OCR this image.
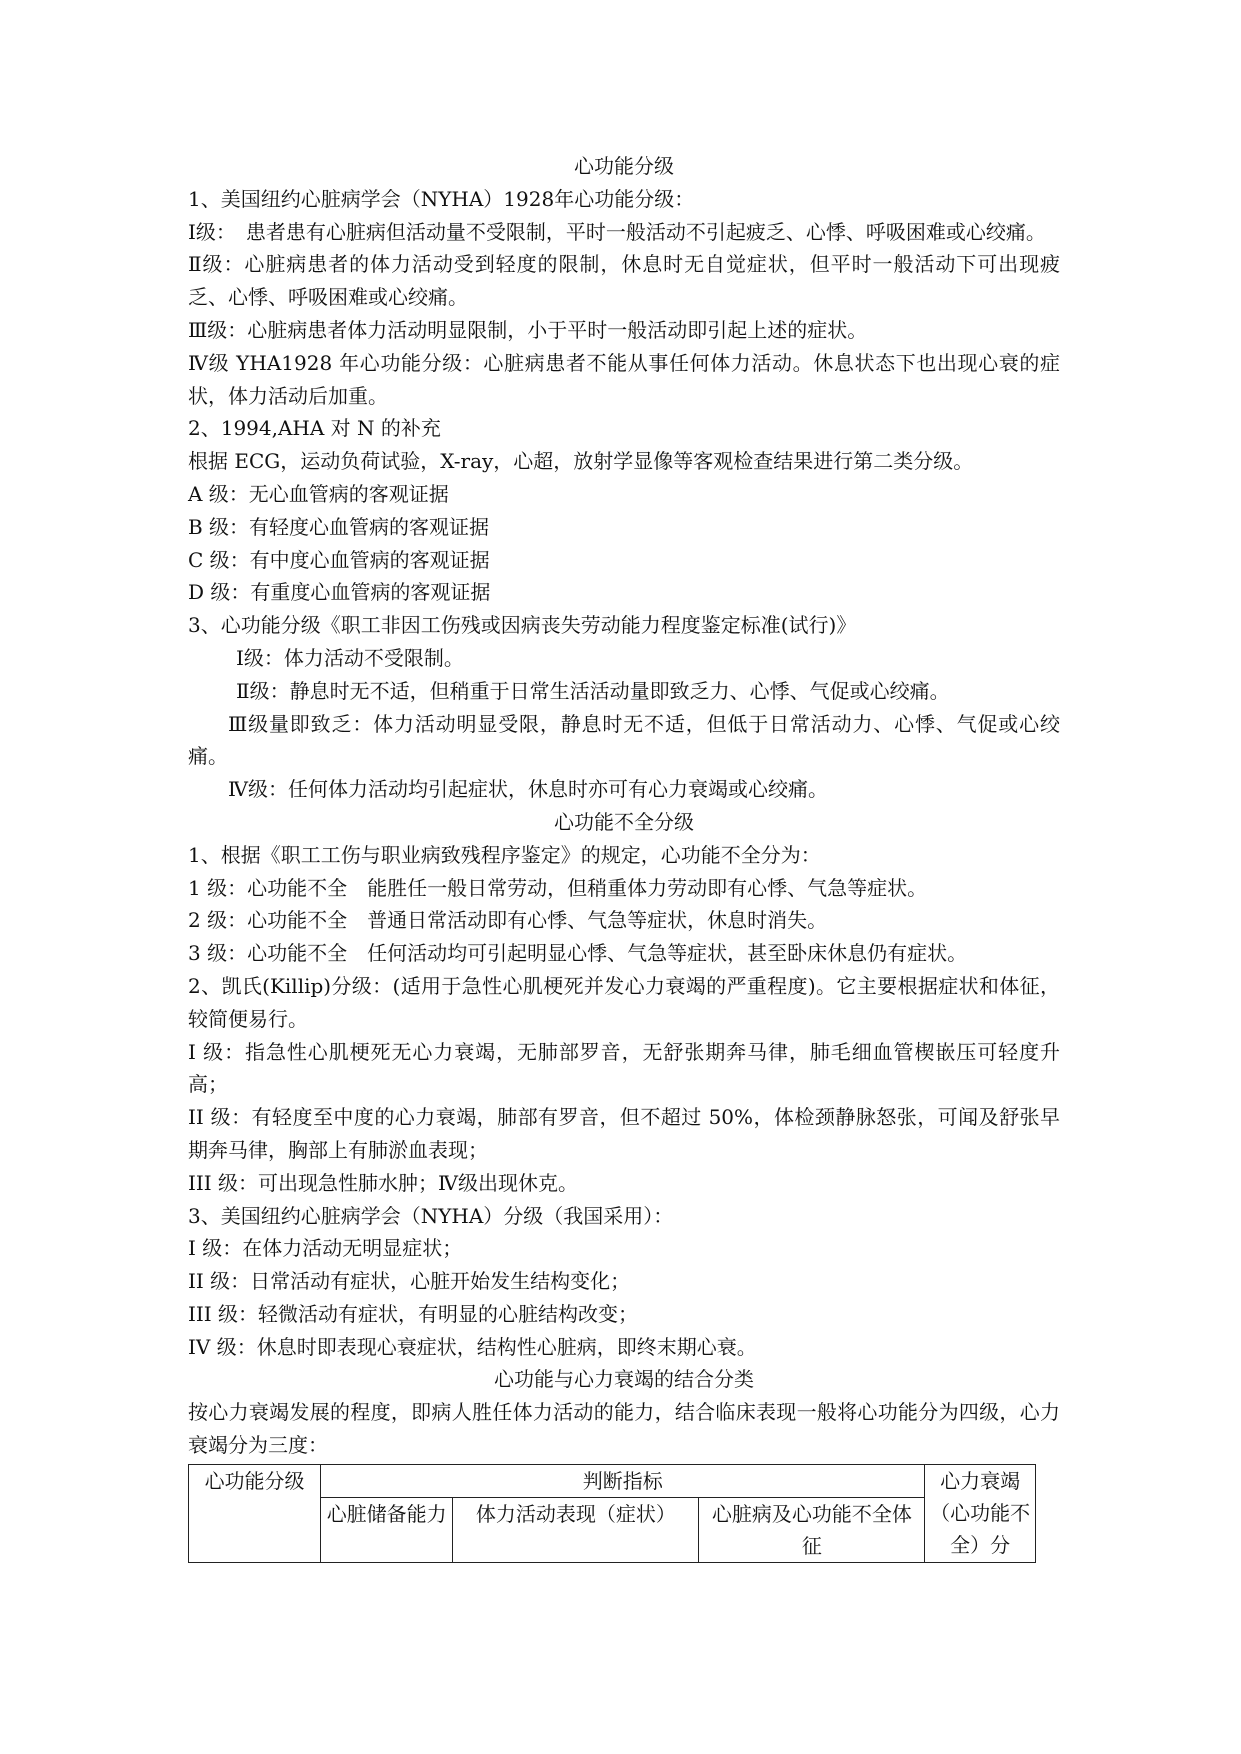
心功能分级

1、美国纽约心脏病学会（NYHA）1928年心功能分级：

Ⅰ级：　患者患有心脏病但活动量不受限制，平时一般活动不引起疲乏、心悸、呼吸困难或心绞痛。

Ⅱ级：心脏病患者的体力活动受到轻度的限制，休息时无自觉症状，但平时一般活动下可出现疲乏、心悸、呼吸困难或心绞痛。

Ⅲ级：心脏病患者体力活动明显限制，小于平时一般活动即引起上述的症状。

Ⅳ级 YHA1928 年心功能分级：心脏病患者不能从事任何体力活动。休息状态下也出现心衰的症状，体力活动后加重。

2、1994,AHA 对 N 的补充

根据 ECG，运动负荷试验，X-ray，心超，放射学显像等客观检查结果进行第二类分级。

A 级：无心血管病的客观证据

B 级：有轻度心血管病的客观证据

C 级：有中度心血管病的客观证据

D 级：有重度心血管病的客观证据

3、心功能分级《职工非因工伤残或因病丧失劳动能力程度鉴定标准(试行)》

Ⅰ级：体力活动不受限制。

Ⅱ级：静息时无不适，但稍重于日常生活活动量即致乏力、心悸、气促或心绞痛。

Ⅲ级量即致乏：体力活动明显受限，静息时无不适，但低于日常活动力、心悸、气促或心绞痛。

Ⅳ级：任何体力活动均引起症状，休息时亦可有心力衰竭或心绞痛。

心功能不全分级

1、根据《职工工伤与职业病致残程序鉴定》的规定，心功能不全分为：

1 级：心功能不全　能胜任一般日常劳动，但稍重体力劳动即有心悸、气急等症状。

2 级：心功能不全　普通日常活动即有心悸、气急等症状，休息时消失。

3 级：心功能不全　任何活动均可引起明显心悸、气急等症状，甚至卧床休息仍有症状。

2、凯氏(Killip)分级：(适用于急性心肌梗死并发心力衰竭的严重程度)。它主要根据症状和体征，较简便易行。

I 级：指急性心肌梗死无心力衰竭，无肺部罗音，无舒张期奔马律，肺毛细血管楔嵌压可轻度升高；

II 级：有轻度至中度的心力衰竭，肺部有罗音，但不超过 50%，体检颈静脉怒张，可闻及舒张早期奔马律，胸部上有肺淤血表现；

III 级：可出现急性肺水肿；Ⅳ级出现休克。

3、美国纽约心脏病学会（NYHA）分级（我国采用）：

I 级：在体力活动无明显症状；

II 级：日常活动有症状，心脏开始发生结构变化；

III 级：轻微活动有症状，有明显的心脏结构改变；

IV 级：休息时即表现心衰症状，结构性心脏病，即终末期心衰。

心功能与心力衰竭的结合分类

按心力衰竭发展的程度，即病人胜任体力活动的能力，结合临床表现一般将心功能分为四级，心力衰竭分为三度：

心功能分级	判断指标			心力衰竭（心功能不全）分
	心脏储备能力	体力活动表现（症状）	心脏病及心功能不全体征	
